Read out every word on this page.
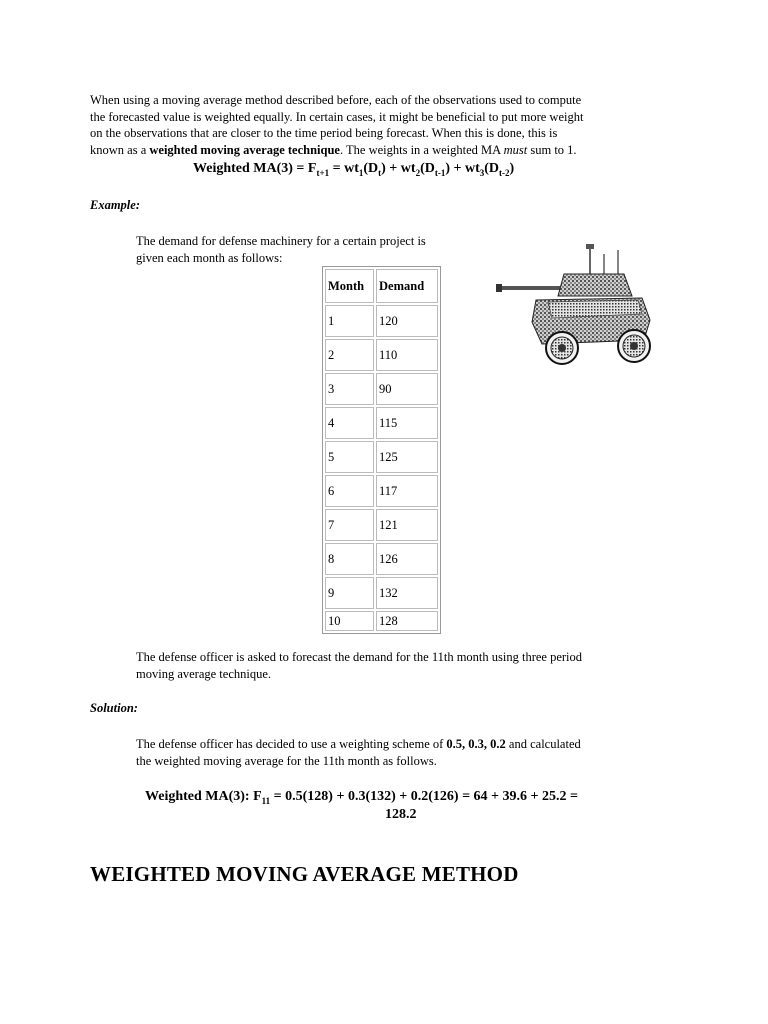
When using a moving average method described before, each of the observations used to compute
the forecasted value is weighted equally. In certain cases, it might be beneficial to put more weight
on the observations that are closer to the time period being forecast. When this is done, this is
known as a weighted moving average technique. The weights in a weighted MA must sum to 1.
Weighted $MA(3) = F_{t+1} = wt_1(D_t) + wt_2(D_{t-1}) + wt_3(D_{t-2})$
Example:
The demand for defense machinery for a certain project is
given each month as follows:
Month	Demand
1	120
2	110
3	90
4	115
5	125
6	117
7	121
8	126
9	132
10	128
The defense officer is asked to forecast the demand for the 11th month using three period
moving average technique.
Solution:
The defense officer has decided to use a weighting scheme of 0.5, 0.3, 0.2 and calculated
the weighted moving average for the 11th month as follows.
Weighted MA(3): $F_{11} = 0.5(128) + 0.3(132) + 0.2(126) = 64 + 39.6 + 25.2$ =
128.2
WEIGHTED MOVING AVERAGE METHOD
